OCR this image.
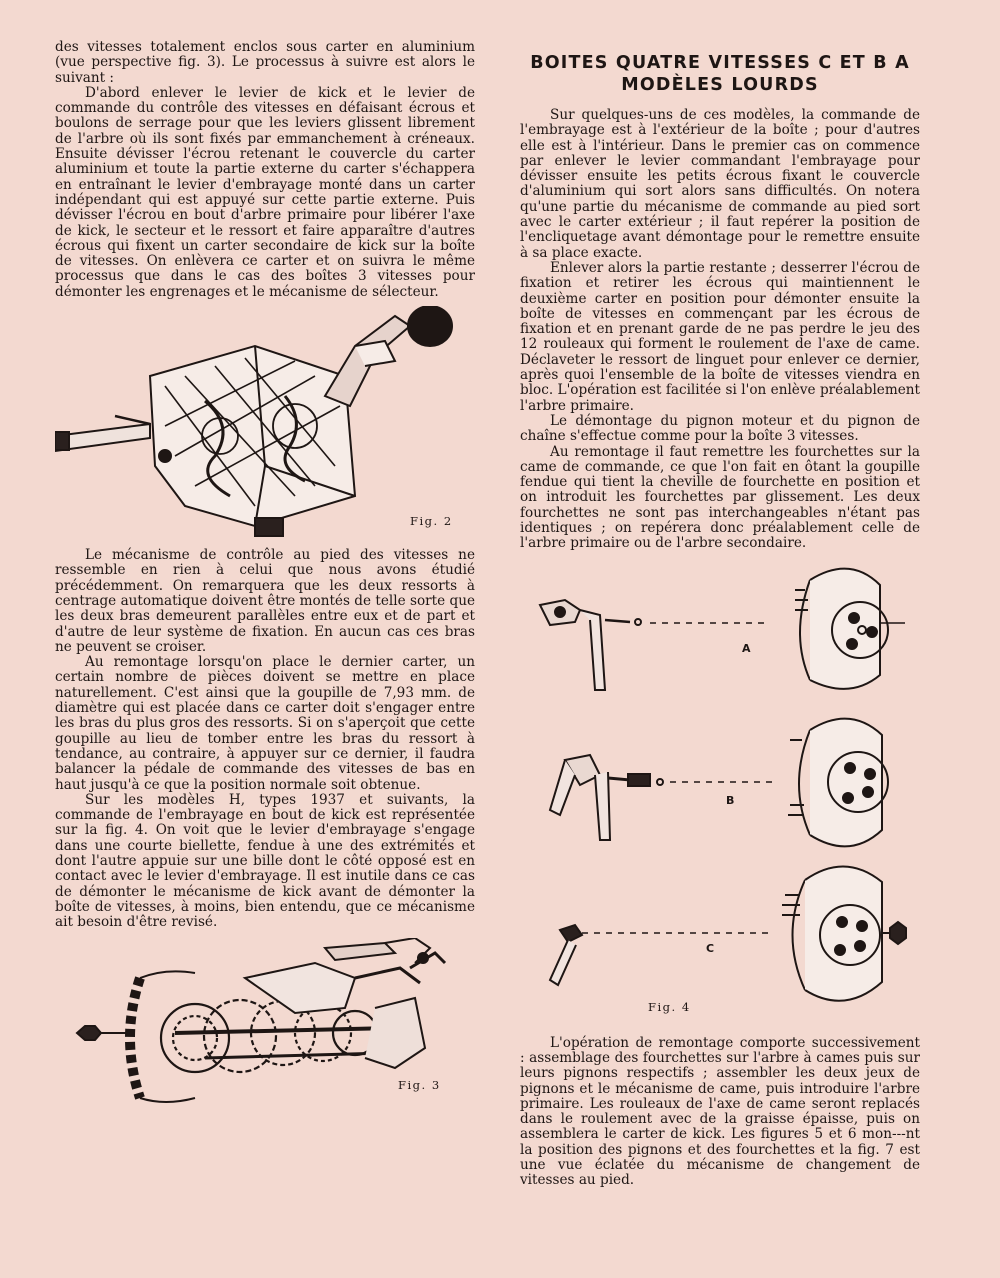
des vitesses totalement enclos sous carter en aluminium (vue perspective fig. 3). Le processus à suivre est alors le suivant :

D'abord enlever le levier de kick et le levier de commande du contrôle des vitesses en défaisant écrous et boulons de serrage pour que les leviers glissent librement de l'arbre où ils sont fixés par emmanchement à créneaux. Ensuite dévisser l'écrou retenant le couvercle du carter aluminium et toute la partie externe du carter s'échappera en entraînant le levier d'embrayage monté dans un carter indépendant qui est appuyé sur cette partie externe. Puis dévisser l'écrou en bout d'arbre primaire pour libérer l'axe de kick, le secteur et le ressort et faire apparaître d'autres écrous qui fixent un carter secondaire de kick sur la boîte de vitesses. On enlèvera ce carter et on suivra le même processus que dans le cas des boîtes 3 vitesses pour démonter les engrenages et le mécanisme de sélecteur.

Fig. 2

Le mécanisme de contrôle au pied des vitesses ne ressemble en rien à celui que nous avons étudié précédemment. On remarquera que les deux ressorts à centrage automatique doivent être montés de telle sorte que les deux bras demeurent parallèles entre eux et de part et d'autre de leur système de fixation. En aucun cas ces bras ne peuvent se croiser.

Au remontage lorsqu'on place le dernier carter, un certain nombre de pièces doivent se mettre en place naturellement. C'est ainsi que la goupille de 7,93 mm. de diamètre qui est placée dans ce carter doit s'engager entre les bras du plus gros des ressorts. Si on s'aperçoit que cette goupille au lieu de tomber entre les bras du ressort à tendance, au contraire, à appuyer sur ce dernier, il faudra balancer la pédale de commande des vitesses de bas en haut jusqu'à ce que la position normale soit obtenue.

Sur les modèles H, types 1937 et suivants, la commande de l'embrayage en bout de kick est représentée sur la fig. 4. On voit que le levier d'embrayage s'engage dans une courte biellette, fendue à une des extrémités et dont l'autre appuie sur une bille dont le côté opposé est en contact avec le levier d'embrayage. Il est inutile dans ce cas de démonter le mécanisme de kick avant de démonter la boîte de vitesses, à moins, bien entendu, que ce mécanisme ait besoin d'être revisé.

Fig. 3
BOITES QUATRE VITESSES C ET B A
MODÈLES LOURDS

Sur quelques-uns de ces modèles, la commande de l'embrayage est à l'extérieur de la boîte ; pour d'autres elle est à l'intérieur. Dans le premier cas on commence par enlever le levier commandant l'embrayage pour dévisser ensuite les petits écrous fixant le couvercle d'aluminium qui sort alors sans difficultés. On notera qu'une partie du mécanisme de commande au pied sort avec le carter extérieur ; il faut repérer la position de l'encliquetage avant démontage pour le remettre ensuite à sa place exacte.

Enlever alors la partie restante ; desserrer l'écrou de fixation et retirer les écrous qui maintiennent le deuxième carter en position pour démonter ensuite la boîte de vitesses en commençant par les écrous de fixation et en prenant garde de ne pas perdre le jeu des 12 rouleaux qui forment le roulement de l'axe de came. Déclaveter le ressort de linguet pour enlever ce dernier, après quoi l'ensemble de la boîte de vitesses viendra en bloc. L'opération est facilitée si l'on enlève préalablement l'arbre primaire.

Le démontage du pignon moteur et du pignon de chaîne s'effectue comme pour la boîte 3 vitesses.

Au remontage il faut remettre les fourchettes sur la came de commande, ce que l'on fait en ôtant la goupille fendue qui tient la cheville de fourchette en position et on introduit les fourchettes par glissement. Les deux fourchettes ne sont pas interchangeables n'étant pas identiques ; on repérera donc préalablement celle de l'arbre primaire ou de l'arbre secondaire.

A
B
C
Fig. 4

L'opération de remontage comporte successivement : assemblage des fourchettes sur l'arbre à cames puis sur leurs pignons respectifs ; assembler les deux jeux de pignons et le mécanisme de came, puis introduire l'arbre primaire. Les rouleaux de l'axe de came seront replacés dans le roulement avec de la graisse épaisse, puis on assemblera le carter de kick. Les figures 5 et 6 mon‑‑‑nt la position des pignons et des fourchettes et la fig. 7 est une vue éclatée du mécanisme de changement de vitesses au pied.
